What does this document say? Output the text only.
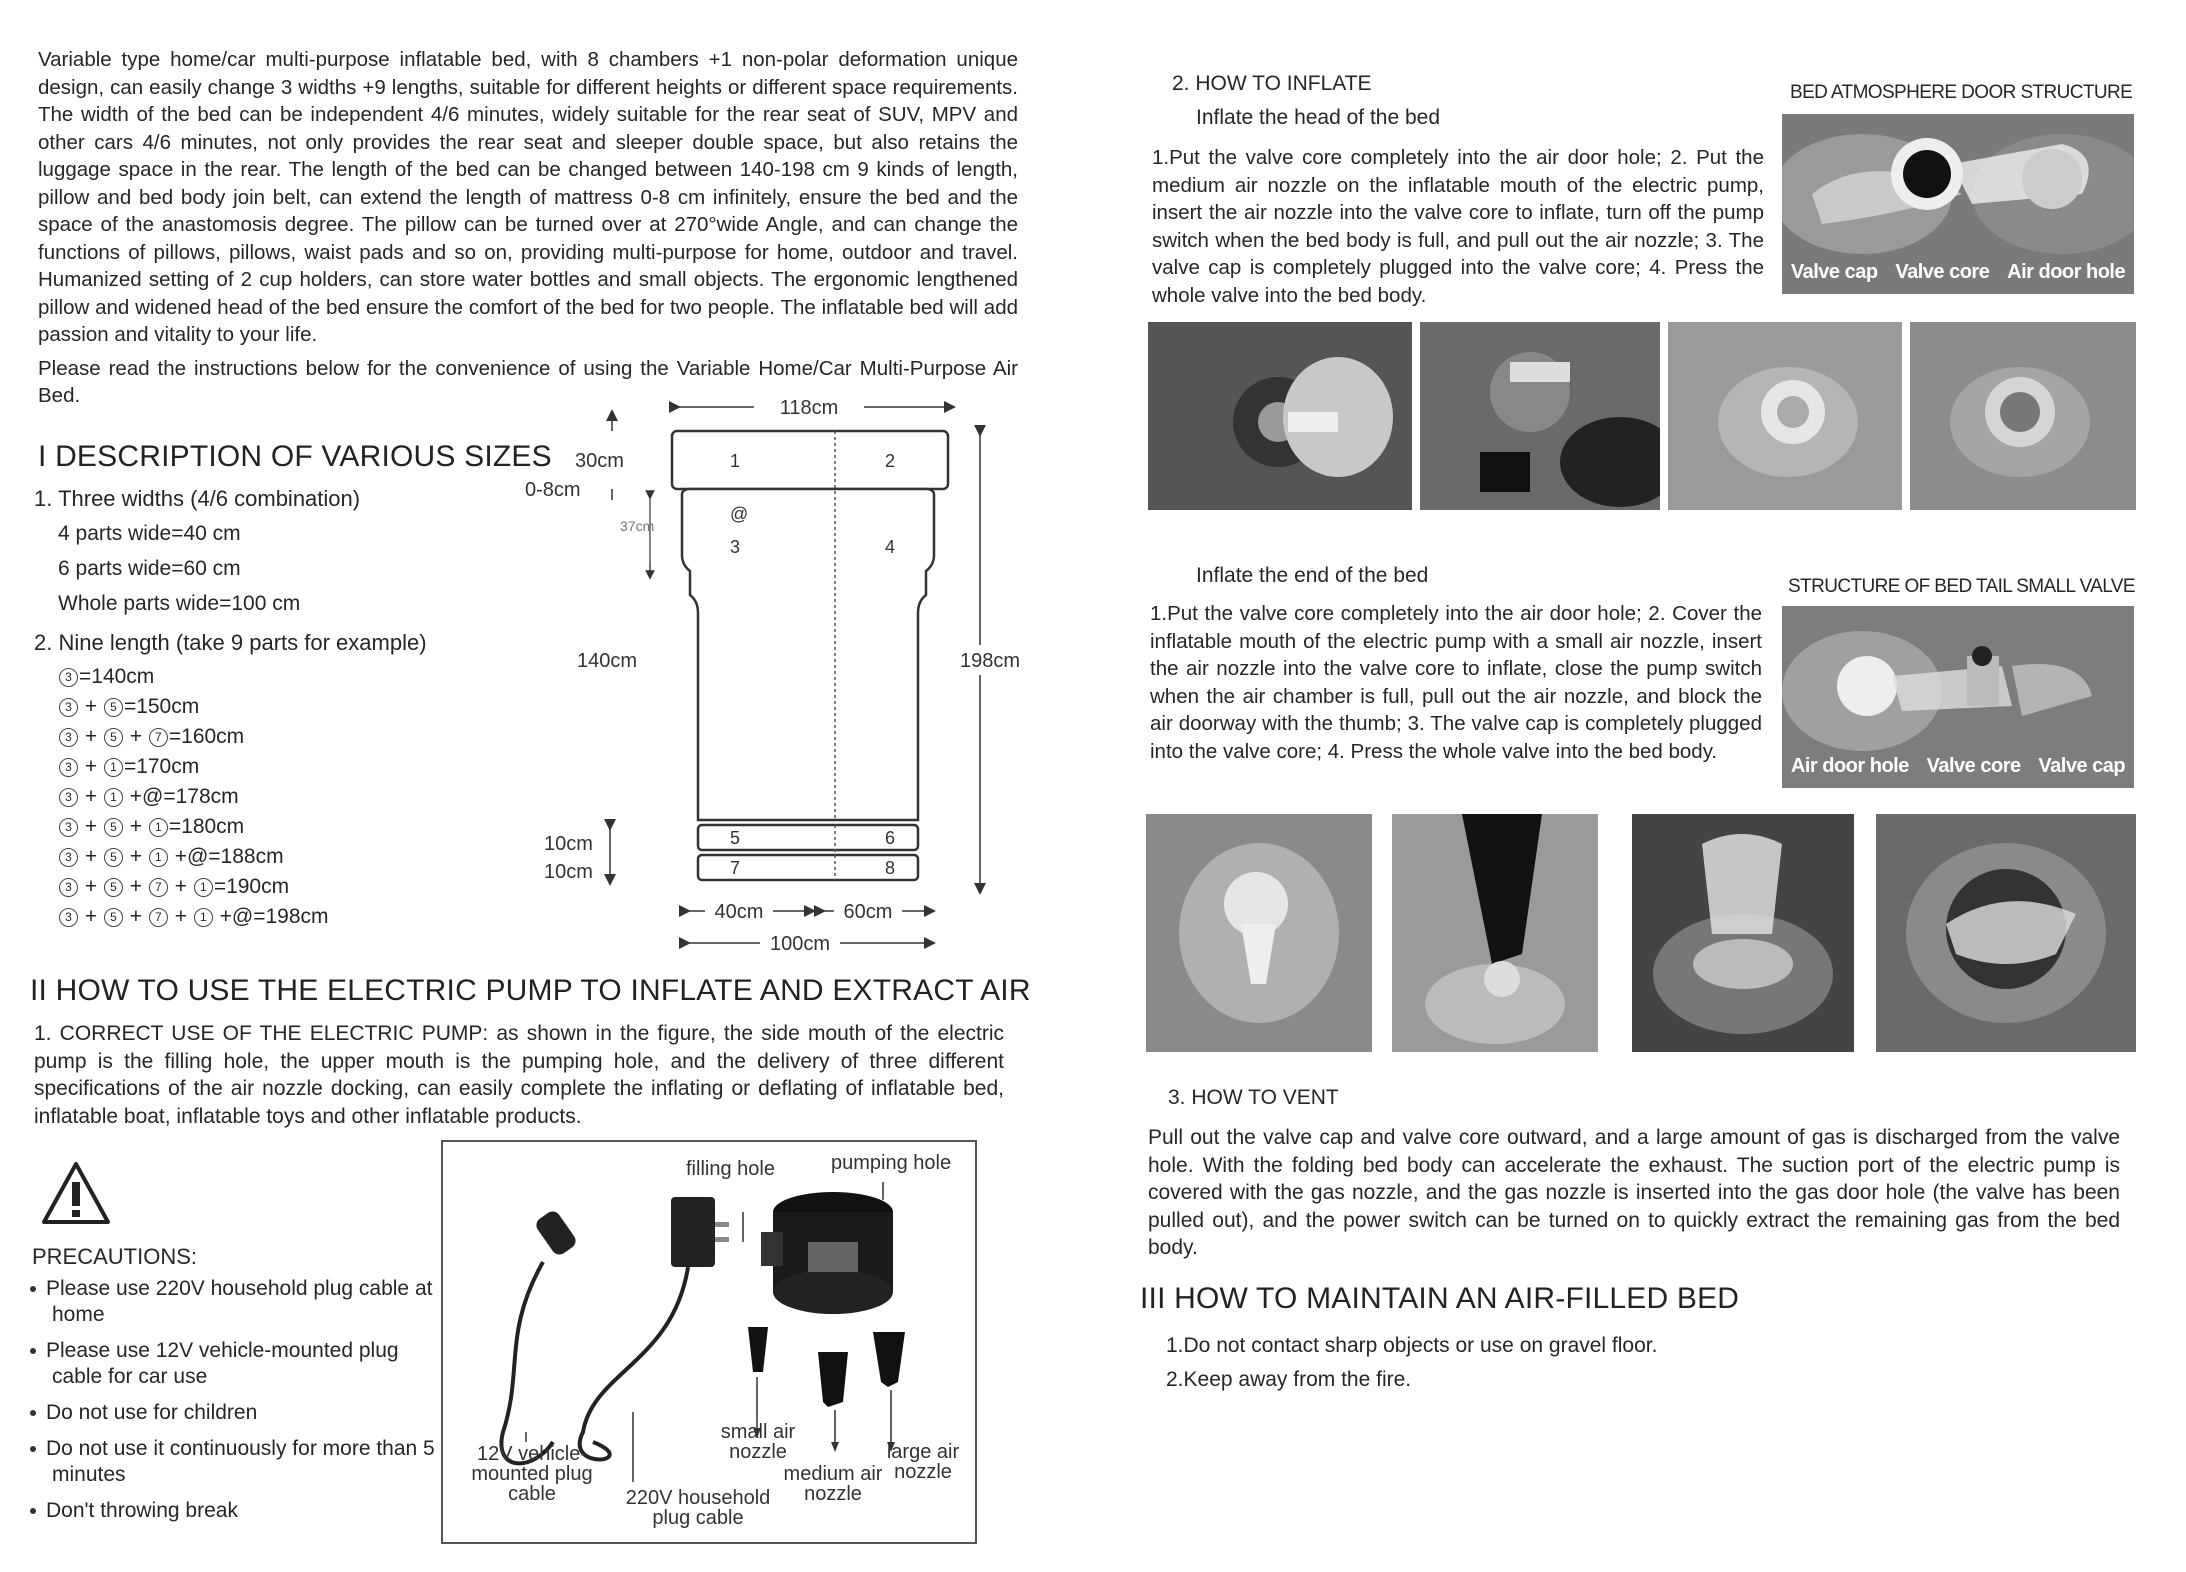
Variable type home/car multi-purpose inflatable bed, with 8 chambers +1 non-polar deformation unique design, can easily change 3 widths +9 lengths, suitable for different heights or different space requirements. The width of the bed can be independent 4/6 minutes, widely suitable for the rear seat of SUV, MPV and other cars 4/6 minutes, not only provides the rear seat and sleeper double space, but also retains the luggage space in the rear. The length of the bed can be changed between 140-198 cm 9 kinds of length, pillow and bed body join belt, can extend the length of mattress 0-8 cm infinitely, ensure the bed and the space of the anastomosis degree. The pillow can be turned over at 270°wide Angle, and can change the functions of pillows, pillows, waist pads and so on, providing multi-purpose for home, outdoor and travel. Humanized setting of 2 cup holders, can store water bottles and small objects. The ergonomic lengthened pillow and widened head of the bed ensure the comfort of the bed for two people. The inflatable bed will add passion and vitality to your life.

Please read the instructions below for the convenience of using the Variable Home/Car Multi-Purpose Air Bed.

I DESCRIPTION OF VARIOUS SIZES
1. Three widths (4/6 combination)
4 parts wide=40 cm
6 parts wide=60 cm
Whole parts wide=100 cm
2. Nine length (take 9 parts for example)
3 =140cm
3 + 5 =150cm
3 + 5 + 7 =160cm
3 + 1 =170cm
3 + 1 +@=178cm
3 + 5 + 1 =180cm
3 + 5 + 1 +@=188cm
3 + 5 + 7 + 1 =190cm
3 + 5 + 7 + 1 +@=198cm
118cm
1	2
@
3	4
5	6
7	8
30cm
0-8cm
37cm
140cm
10cm
10cm
198cm
40cm	60cm
100cm
II HOW TO USE THE ELECTRIC PUMP TO INFLATE AND EXTRACT AIR
1. CORRECT USE OF THE ELECTRIC PUMP: as shown in the figure, the side mouth of the electric pump is the filling hole, the upper mouth is the pumping hole, and the delivery of three different specifications of the air nozzle docking, can easily complete the inflating or deflating of inflatable bed, inflatable boat, inflatable toys and other inflatable products.
PRECAUTIONS:
Please use 220V household plug cable at home
Please use 12V vehicle-mounted plug cable for car use
Do not use for children
Do not use it continuously for more than 5 minutes
Don't throwing break
filling hole	pumping hole
small air nozzle	large air nozzle
medium air nozzle
12V vehicle-mounted plug cable	220V household plug cable
2. HOW TO INFLATE
Inflate the head of the bed
1.Put the valve core completely into the air door hole; 2. Put the medium air nozzle on the inflatable mouth of the electric pump, insert the air nozzle into the valve core to inflate, turn off the pump switch when the bed body is full, and pull out the air nozzle; 3. The valve cap is completely plugged into the valve core; 4. Press the whole valve into the bed body.
BED ATMOSPHERE DOOR STRUCTURE
Valve cap Valve core Air door hole
Inflate the end of the bed
1.Put the valve core completely into the air door hole; 2. Cover the inflatable mouth of the electric pump with a small air nozzle, insert the air nozzle into the valve core to inflate, close the pump switch when the air chamber is full, pull out the air nozzle, and block the air doorway with the thumb; 3. The valve cap is completely plugged into the valve core; 4. Press the whole valve into the bed body.
STRUCTURE OF BED TAIL SMALL VALVE
Air door hole Valve core Valve cap
3. HOW TO VENT
Pull out the valve cap and valve core outward, and a large amount of gas is discharged from the valve hole. With the folding bed body can accelerate the exhaust. The suction port of the electric pump is covered with the gas nozzle, and the gas nozzle is inserted into the gas door hole (the valve has been pulled out), and the power switch can be turned on to quickly extract the remaining gas from the bed body.
III HOW TO MAINTAIN AN AIR-FILLED BED
1.Do not contact sharp objects or use on gravel floor.
2.Keep away from the fire.
